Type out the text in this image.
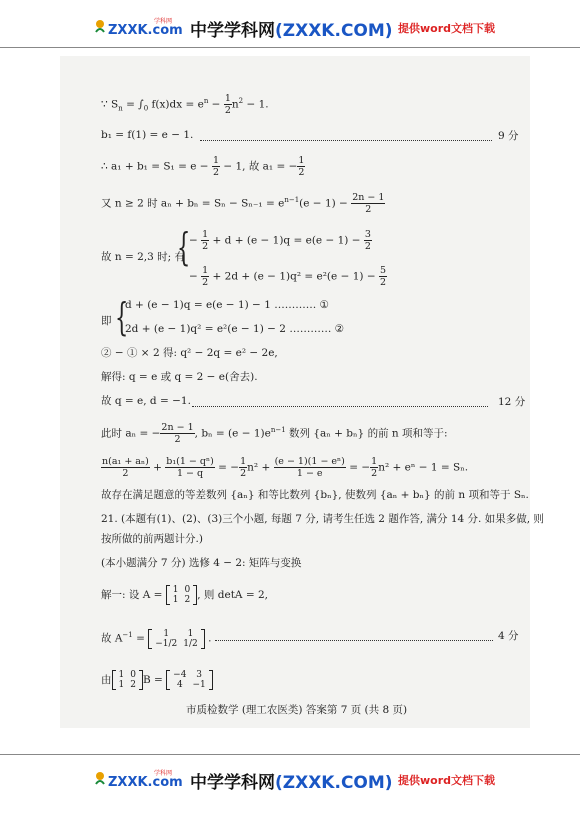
ZXXK.com
学科网 中学学科网(ZXXK.COM) 提供word文档下载
∵ $S_n = \int_0$ $f(x)dx = e^n - \frac{1}{2} n^2 - 1$.
b₁ = f(1) = e − 1.	9 分
∴ $a_1 + b_1 = S_1 = e - \frac{1}{2} - 1$, 故 a₁ = − $\frac{1}{2}$
又 n ≥ 2 时 $a_n + b_n = S_n - S_{n-1} = e^{n-1}(e - 1) - \frac{2n - 1}{2}$
故 n = 2,3 时; 有
{
− $\frac{1}{2} + d + (e - 1)q = e(e - 1) - \frac{3}{2}$
− $\frac{1}{2} + 2d + (e - 1)q^2 = e^2(e - 1) - \frac{5}{2}$
即 {
d + (e − 1)q = e(e − 1) − 1 ………… ①
2d + (e − 1)q² = e²(e − 1) − 2 ………… ②
② − ① × 2 得: q² − 2q = e² − 2e,
解得: q = e 或 q = 2 − e(舍去).
故 q = e, d = −1.	12 分
此时 aₙ = − $\frac{2n - 1}{2}$ , $b_n = (e - 1)e^{n-1}$ 数列 {aₙ + bₙ} 的前 n 项和等于:
$\frac{\text{n(a₁ + aₙ)}}{2} + \frac{\text{b₁(1 − qⁿ)}}{1 - q}$ = − $\frac{1}{2} n^2 + \frac{\text{(e − 1)(1 − eⁿ)}}{1 - e}$ = − $\frac{1}{2} n^2 + e^n - 1 = S_n$.
故存在满足题意的等差数列 {aₙ} 和等比数列 {bₙ}, 使数列 {aₙ + bₙ} 的前 n 项和等于 Sₙ.
21. (本题有(1)、(2)、(3)三个小题, 每题 7 分, 请考生任选 2 题作答, 满分 14 分. 如果多做, 则
按所做的前两题计分.)
(本小题满分 7 分) 选修 4 − 2: 矩阵与变换
解一: 设 A = 1	0
1	2 , 则 detA = 2,
故 $A^{-1} = 1$	1
−1/2	1/2 .	4 分
由 1	0
1	2 B = −4	3
4	−1
市质检数学 (理工农医类) 答案第 7 页 (共 8 页)
ZXXK.com
学科网 中学学科网(ZXXK.COM) 提供word文档下载
